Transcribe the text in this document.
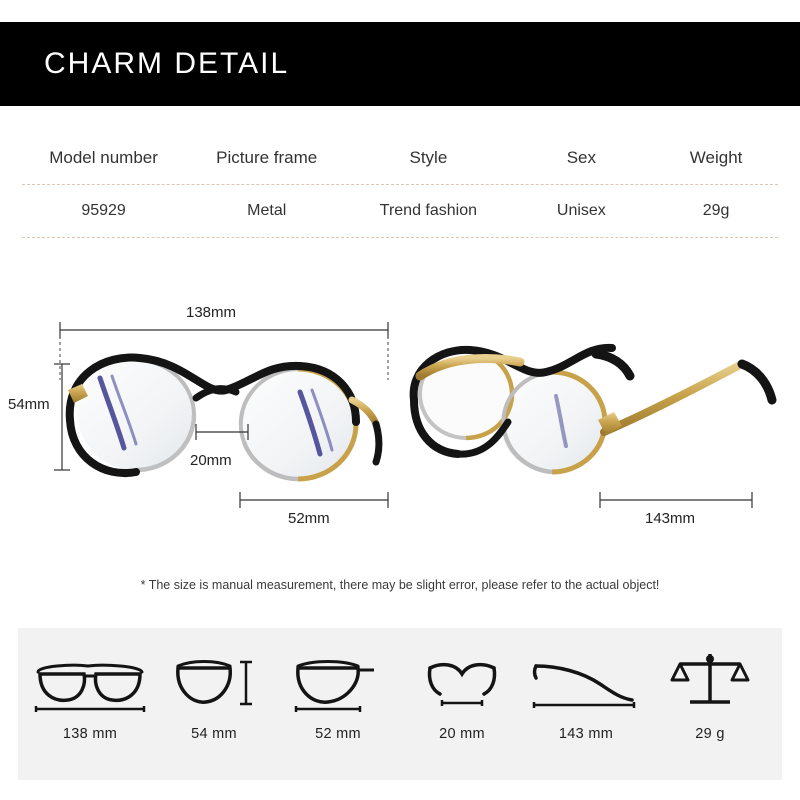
CHARM DETAIL
Model number	Picture frame	Style	Sex	Weight
95929	Metal	Trend fashion	Unisex	29g
138mm
54mm
20mm
52mm	143mm
* The size is manual measurement, there may be slight error, please refer to the actual object!
138 mm	54 mm	52 mm	20 mm	143 mm	29 g
